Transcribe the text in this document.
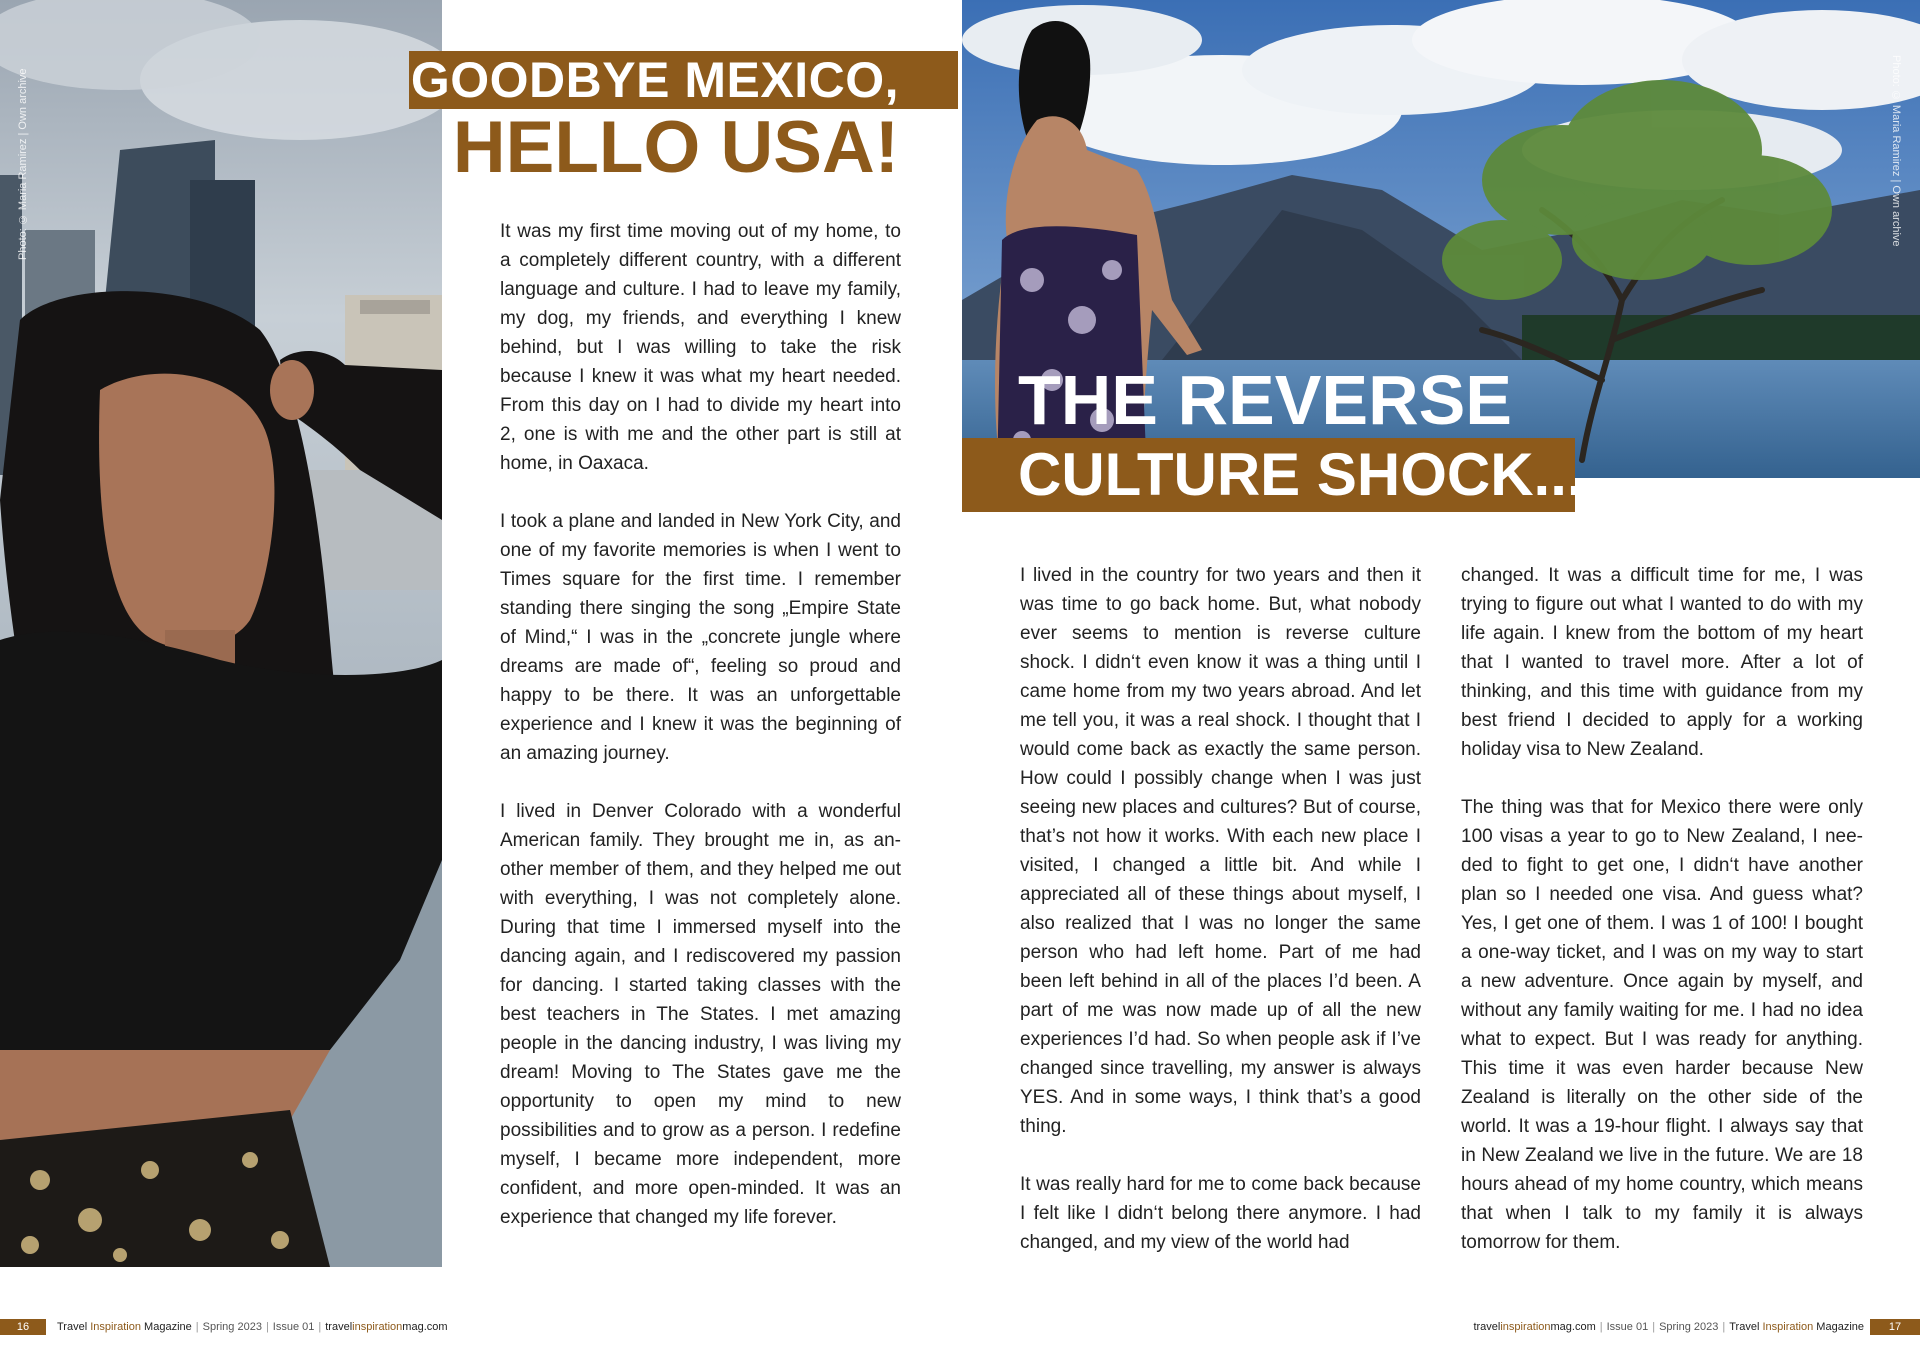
Photo: © Maria Ramirez | Own archive	GOODBYE MEXICO,
HELLO USA!

It was my first time moving out of my home, to a completely different country, with a different language and culture. I had to leave my family, my dog, my friends, and everything I knew behind, but I was willing to take the risk because I knew it was what my heart needed. From this day on I had to divide my heart into 2, one is with me and the other part is still at home, in Oaxaca.

I took a plane and landed in New York City, and one of my favorite memories is when I went to Times square for the first time. I remember standing there singing the song „Empire State of Mind,“ I was in the „concrete jungle where dreams are made of“, feeling so proud and happy to be there. It was an unforgettable experience and I knew it was the beginning of an amazing journey.

I lived in Denver Colorado with a wonderful American family. They brought me in, as another member of them, and they helped me out with everything, I was not completely alone. During that time I immersed myself into the dancing again, and I rediscovered my passion for dancing. I started taking classes with the best teachers in The States. I met amazing people in the dancing industry, I was living my dream! Moving to The States gave me the opportunity to open my mind to new possibilities and to grow as a person. I redefine myself, I became more independent, more confident, and more open-minded. It was an experience that changed my life forever.

Photo: © Maria Ramirez | Own archive
THE REVERSE
CULTURE SHOCK...

I lived in the country for two years and then it was time to go back home. But, what nobody ever seems to mention is reverse culture shock. I didn‘t even know it was a thing until I came home from my two years abroad. And let me tell you, it was a real shock. I thought that I would come back as exactly the same person. How could I possibly change when I was just seeing new places and cultures? But of course, that’s not how it works. With each new place I visited, I changed a little bit. And while I appreciated all of these things about myself, I also realized that I was no longer the same person who had left home. Part of me had been left behind in all of the places I’d been. A part of me was now made up of all the new experiences I’d had. So when people ask if I’ve changed since travelling, my answer is always YES. And in some ways, I think that’s a good thing.

It was really hard for me to come back because I felt like I didn‘t belong there anymore. I had changed, and my view of the world had

changed. It was a difficult time for me, I was trying to figure out what I wanted to do with my life again. I knew from the bottom of my heart that I wanted to travel more. After a lot of thinking, and this time with guidance from my best friend I decided to apply for a working holiday visa to New Zealand.

The thing was that for Mexico there were only 100 visas a year to go to New Zealand, I needed to fight to get one, I didn‘t have another plan so I needed one visa. And guess what? Yes, I get one of them. I was 1 of 100! I bought a one-way ticket, and I was on my way to start a new adventure. Once again by myself, and without any family waiting for me. I had no idea what to expect. But I was ready for anything. This time it was even harder because New Zealand is literally on the other side of the world. It was a 19-hour flight. I always say that in New Zealand we live in the future. We are 18 hours ahead of my home country, which means that when I talk to my family it is always tomorrow for them.

16	Travel Inspiration Magazine | Spring 2023 | Issue 01 | travelinspirationmag.com	travelinspirationmag.com | Issue 01 | Spring 2023 | Travel Inspiration Magazine	17
